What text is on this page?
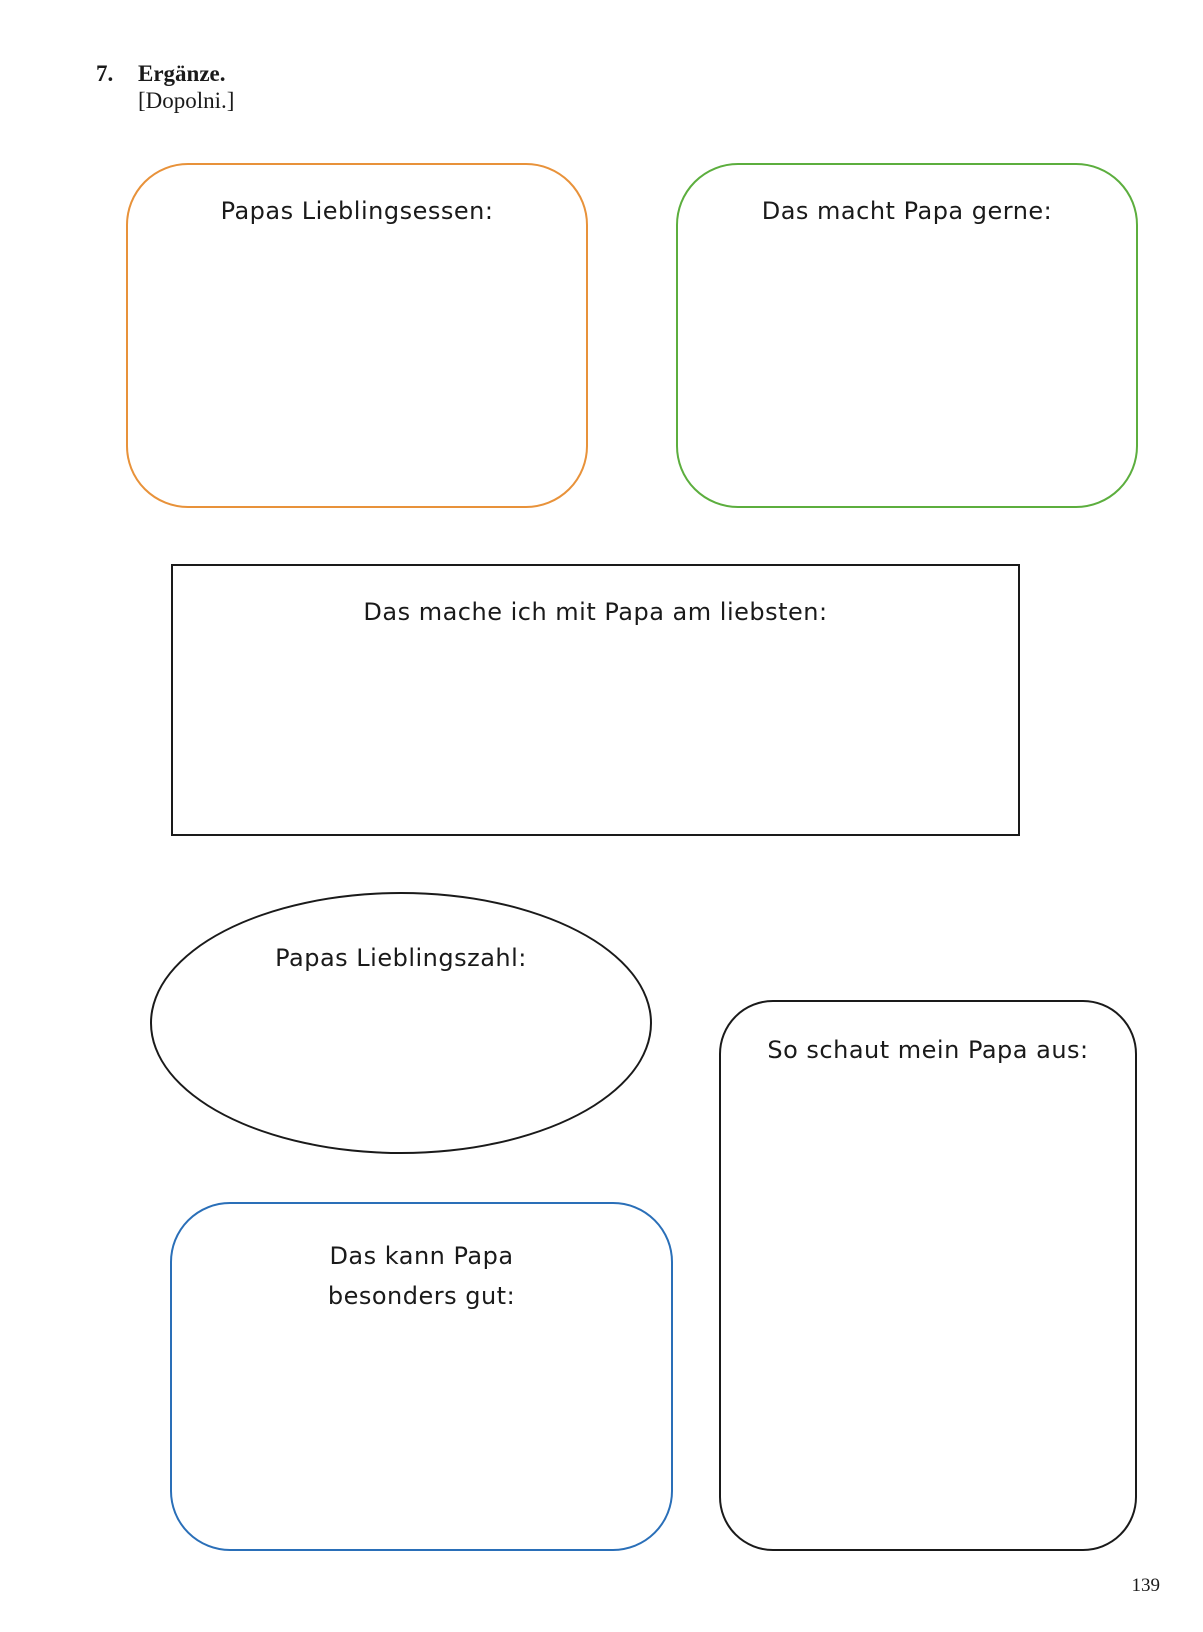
7. Ergänze.
[Dopolni.]
Papas Lieblingsessen:	Das macht Papa gerne:
Das mache ich mit Papa am liebsten:
Papas Lieblingszahl:
So schaut mein Papa aus:
Das kann Papa
besonders gut:
139
